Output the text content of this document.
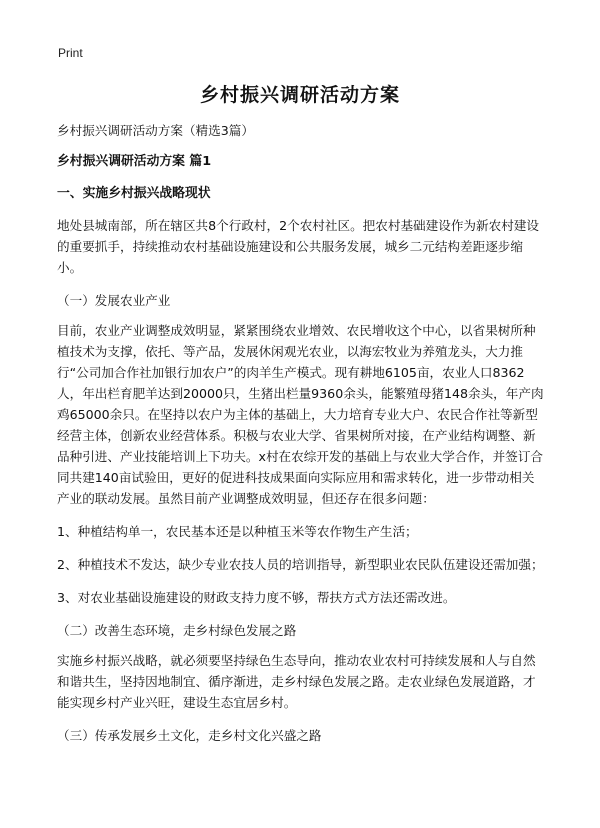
Print
乡村振兴调研活动方案

乡村振兴调研活动方案（精选3篇）

乡村振兴调研活动方案 篇1

一、实施乡村振兴战略现状

地处县城南部，所在辖区共8个行政村，2个农村社区。把农村基础建设作为新农村建设的重要抓手，持续推动农村基础设施建设和公共服务发展，城乡二元结构差距逐步缩小。

（一）发展农业产业

目前，农业产业调整成效明显，紧紧围绕农业增效、农民增收这个中心，以省果树所种植技术为支撑，依托、等产品，发展休闲观光农业，以海宏牧业为养殖龙头，大力推行“公司加合作社加银行加农户”的肉羊生产模式。现有耕地6105亩，农业人口8362人，年出栏育肥羊达到20000只，生猪出栏量9360余头，能繁殖母猪148余头，年产肉鸡65000余只。在坚持以农户为主体的基础上，大力培育专业大户、农民合作社等新型经营主体，创新农业经营体系。积极与农业大学、省果树所对接，在产业结构调整、新品种引进、产业技能培训上下功夫。x村在农综开发的基础上与农业大学合作，并签订合同共建140亩试验田，更好的促进科技成果面向实际应用和需求转化，进一步带动相关产业的联动发展。虽然目前产业调整成效明显，但还存在很多问题：

1、种植结构单一，农民基本还是以种植玉米等农作物生产生活；

2、种植技术不发达，缺少专业农技人员的培训指导，新型职业农民队伍建设还需加强；

3、对农业基础设施建设的财政支持力度不够，帮扶方式方法还需改进。

（二）改善生态环境，走乡村绿色发展之路

实施乡村振兴战略，就必须要坚持绿色生态导向，推动农业农村可持续发展和人与自然和谐共生，坚持因地制宜、循序渐进，走乡村绿色发展之路。走农业绿色发展道路，才能实现乡村产业兴旺，建设生态宜居乡村。

（三）传承发展乡土文化，走乡村文化兴盛之路
